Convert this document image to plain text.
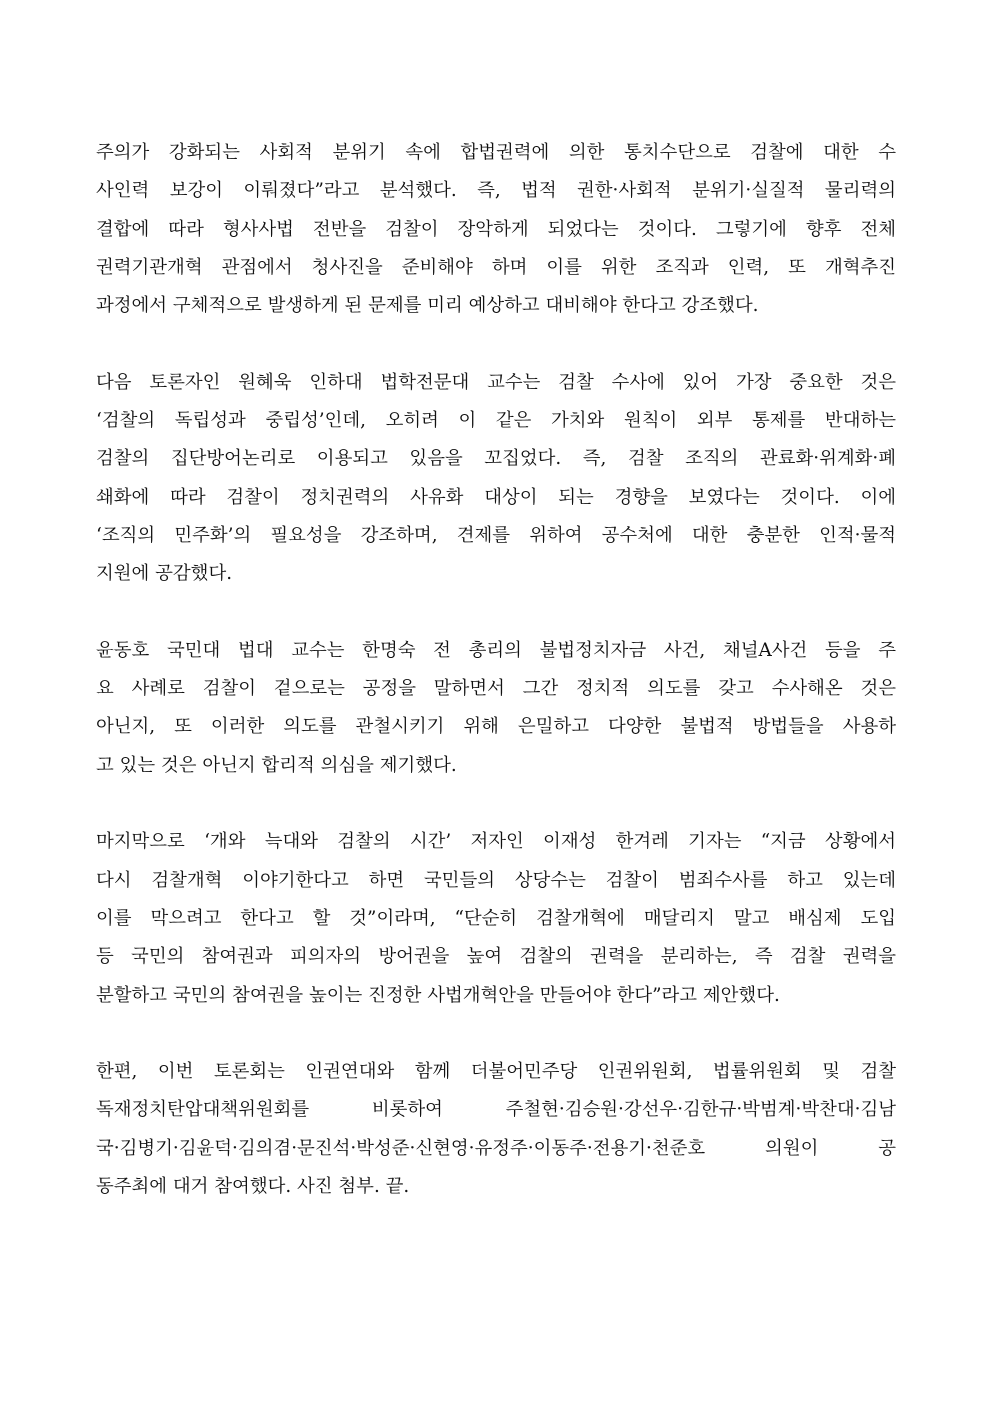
주의가 강화되는 사회적 분위기 속에 합법권력에 의한 통치수단으로 검찰에 대한 수
사인력 보강이 이뤄졌다”라고 분석했다. 즉, 법적 권한·사회적 분위기·실질적 물리력의
결합에 따라 형사사법 전반을 검찰이 장악하게 되었다는 것이다. 그렇기에 향후 전체
권력기관개혁 관점에서 청사진을 준비해야 하며 이를 위한 조직과 인력, 또 개혁추진
과정에서 구체적으로 발생하게 된 문제를 미리 예상하고 대비해야 한다고 강조했다.
다음 토론자인 원혜욱 인하대 법학전문대 교수는 검찰 수사에 있어 가장 중요한 것은
‘검찰의 독립성과 중립성’인데, 오히려 이 같은 가치와 원칙이 외부 통제를 반대하는
검찰의 집단방어논리로 이용되고 있음을 꼬집었다. 즉, 검찰 조직의 관료화·위계화·폐
쇄화에 따라 검찰이 정치권력의 사유화 대상이 되는 경향을 보였다는 것이다. 이에
‘조직의 민주화’의 필요성을 강조하며, 견제를 위하여 공수처에 대한 충분한 인적·물적
지원에 공감했다.
윤동호 국민대 법대 교수는 한명숙 전 총리의 불법정치자금 사건, 채널A사건 등을 주
요 사례로 검찰이 겉으로는 공정을 말하면서 그간 정치적 의도를 갖고 수사해온 것은
아닌지, 또 이러한 의도를 관철시키기 위해 은밀하고 다양한 불법적 방법들을 사용하
고 있는 것은 아닌지 합리적 의심을 제기했다.
마지막으로 ‘개와 늑대와 검찰의 시간’ 저자인 이재성 한겨레 기자는 “지금 상황에서
다시 검찰개혁 이야기한다고 하면 국민들의 상당수는 검찰이 범죄수사를 하고 있는데
이를 막으려고 한다고 할 것”이라며, “단순히 검찰개혁에 매달리지 말고 배심제 도입
등 국민의 참여권과 피의자의 방어권을 높여 검찰의 권력을 분리하는, 즉 검찰 권력을
분할하고 국민의 참여권을 높이는 진정한 사법개혁안을 만들어야 한다”라고 제안했다.
한편, 이번 토론회는 인권연대와 함께 더불어민주당 인권위원회, 법률위원회 및 검찰
독재정치탄압대책위원회를 비롯하여 주철현·김승원·강선우·김한규·박범계·박찬대·김남
국·김병기·김윤덕·김의겸·문진석·박성준·신현영·유정주·이동주·전용기·천준호 의원이 공
동주최에 대거 참여했다. 사진 첨부. 끝.
